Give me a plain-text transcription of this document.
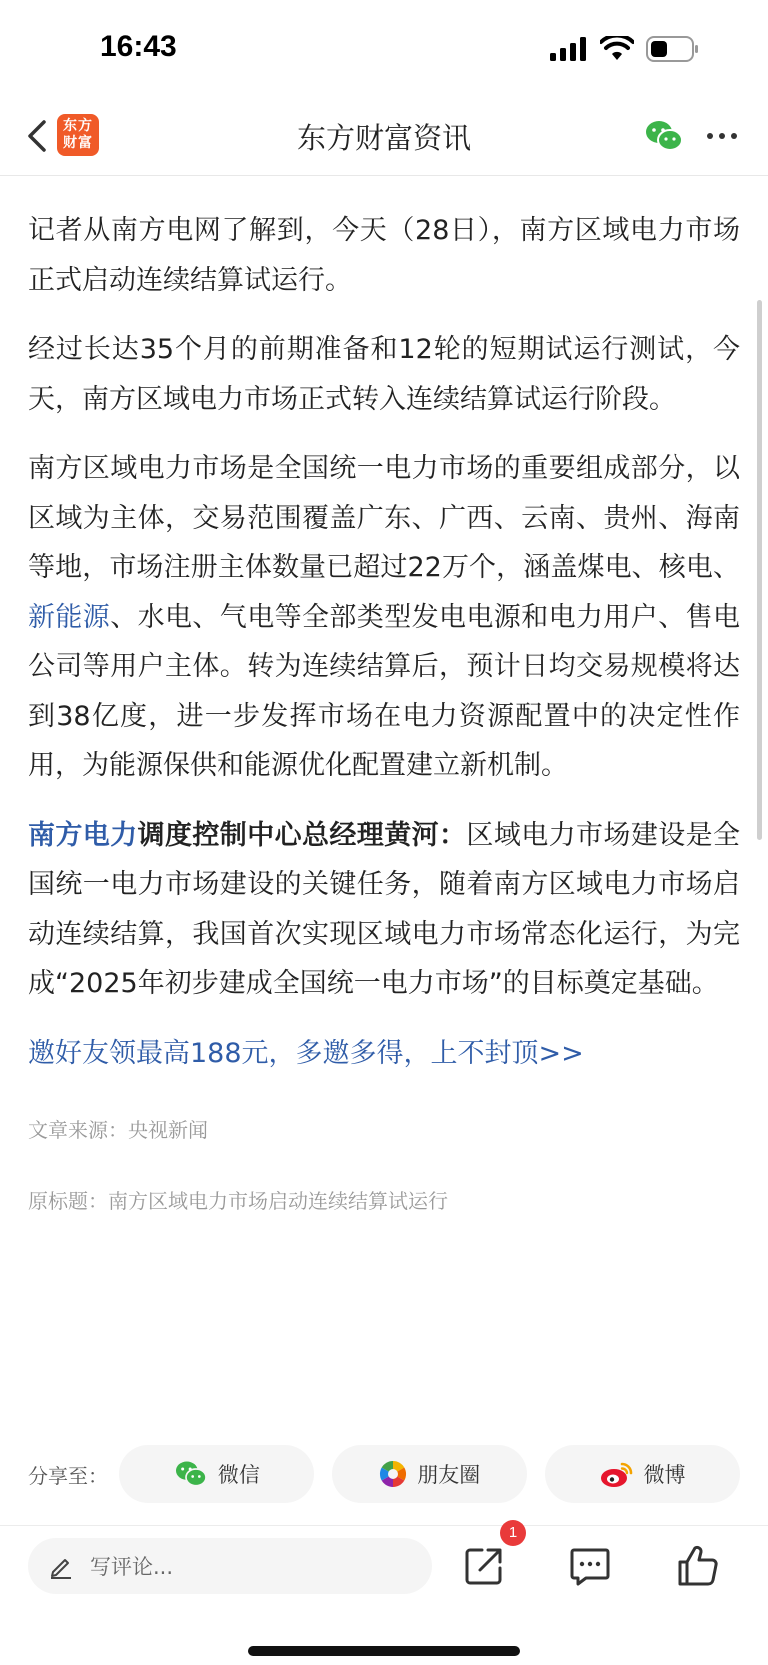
16:43
东方
财富	东方财富资讯

记者从南方电网了解到，今天（28日），南方区域电力市场正式启动连续结算试运行。

经过长达35个月的前期准备和12轮的短期试运行测试，今天，南方区域电力市场正式转入连续结算试运行阶段。

南方区域电力市场是全国统一电力市场的重要组成部分，以区域为主体，交易范围覆盖广东、广西、云南、贵州、海南等地，市场注册主体数量已超过22万个，涵盖煤电、核电、新能源、水电、气电等全部类型发电电源和电力用户、售电公司等用户主体。转为连续结算后，预计日均交易规模将达到38亿度，进一步发挥市场在电力资源配置中的决定性作用，为能源保供和能源优化配置建立新机制。

南方电力调度控制中心总经理黄河：区域电力市场建设是全国统一电力市场建设的关键任务，随着南方区域电力市场启动连续结算，我国首次实现区域电力市场常态化运行，为完成“2025年初步建成全国统一电力市场”的目标奠定基础。

邀好友领最高188元，多邀多得，上不封顶>>

文章来源：央视新闻

原标题：南方区域电力市场启动连续结算试运行

分享至：	微信	朋友圈	微博
写评论...
1
